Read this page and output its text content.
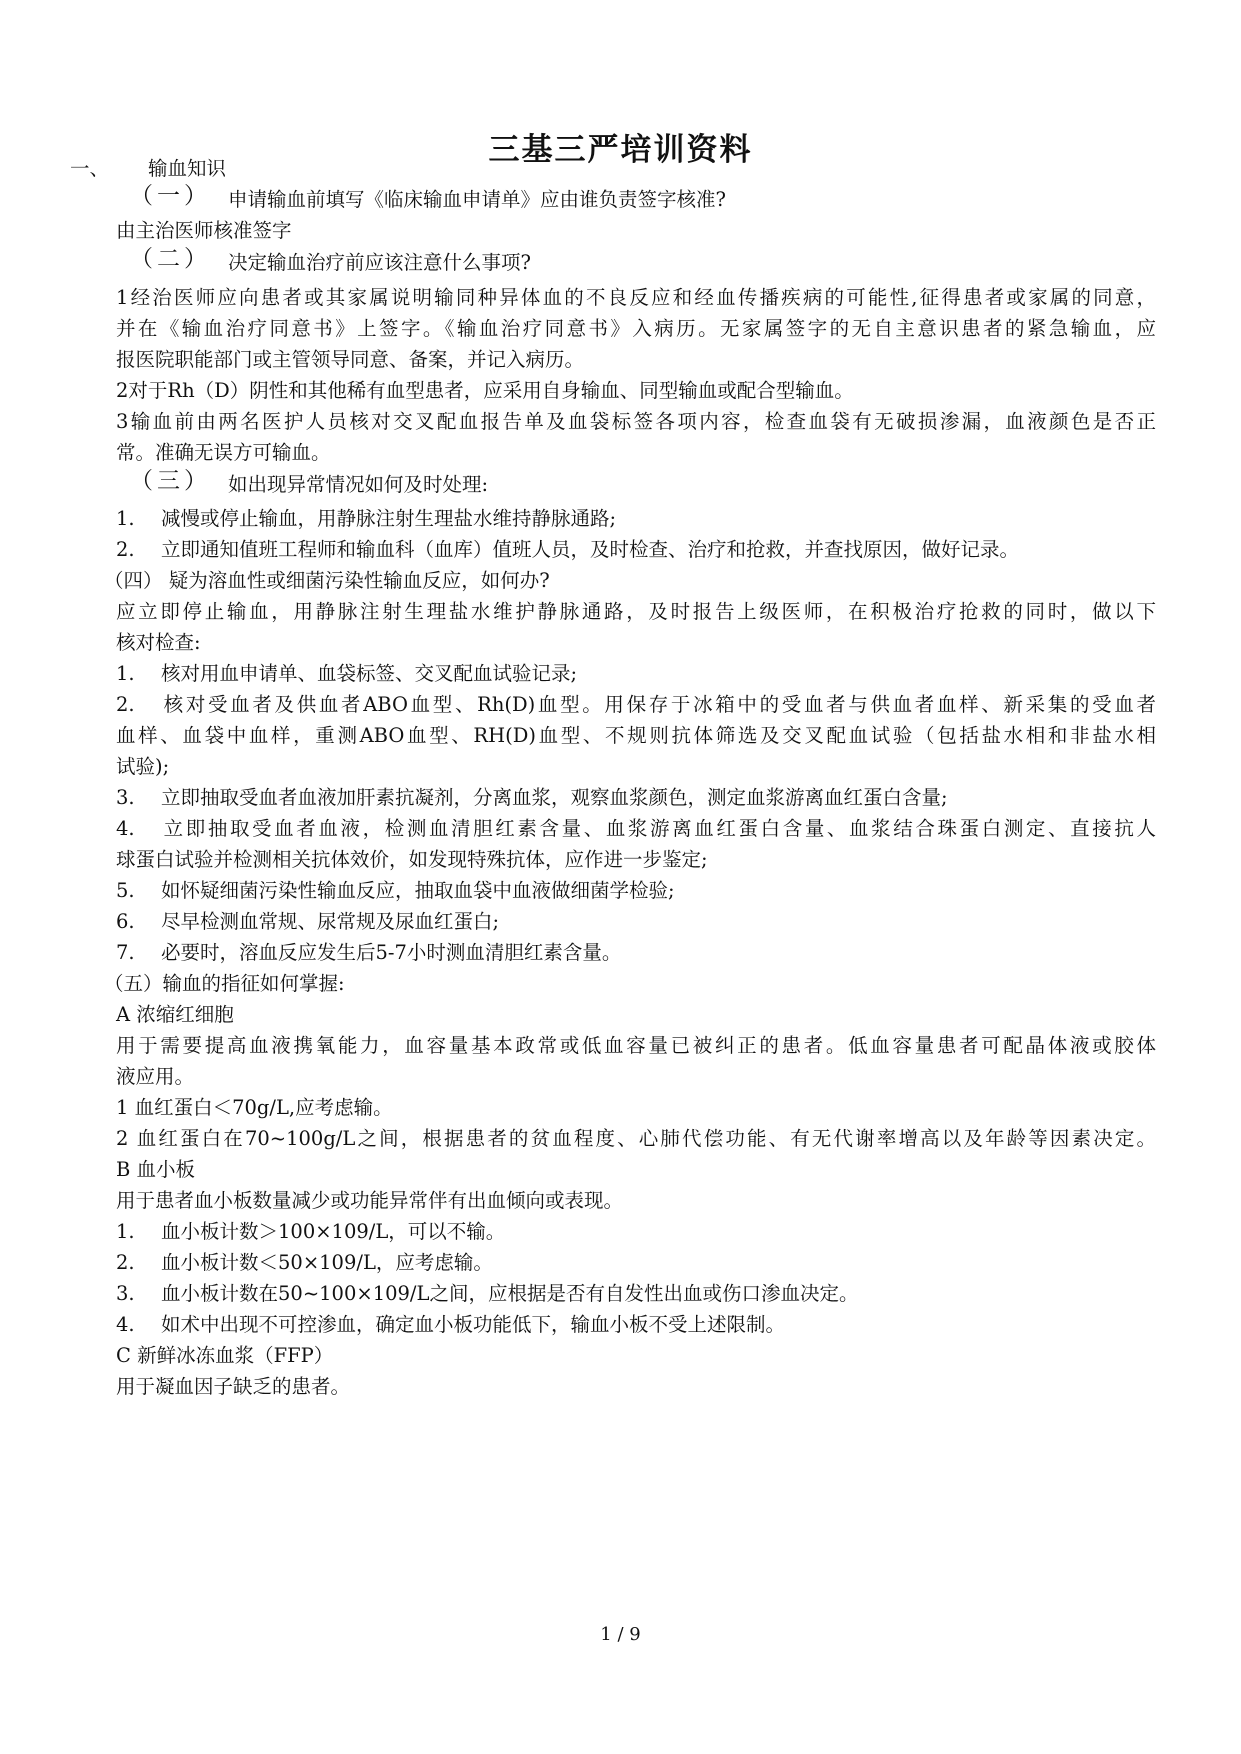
三基三严培训资料
一、 输血知识
（一） 申请输血前填写《临床输血申请单》应由谁负责签字核准?
由主治医师核准签字
（二） 决定输血治疗前应该注意什么事项?
1经治医师应向患者或其家属说明输同种异体血的不良反应和经血传播疾病的可能性,征得患者或家属的同意，
并在《输血治疗同意书》上签字。《输血治疗同意书》入病历。无家属签字的无自主意识患者的紧急输血，应
报医院职能部门或主管领导同意、备案，并记入病历。
2对于Rh（D）阴性和其他稀有血型患者，应采用自身输血、同型输血或配合型输血。
3输血前由两名医护人员核对交叉配血报告单及血袋标签各项内容，检查血袋有无破损渗漏，血液颜色是否正
常。准确无误方可输血。
（三） 如出现异常情况如何及时处理:
1. 减慢或停止输血，用静脉注射生理盐水维持静脉通路;
2. 立即通知值班工程师和输血科（血库）值班人员，及时检查、治疗和抢救，并查找原因，做好记录。
（四） 疑为溶血性或细菌污染性输血反应，如何办?
应立即停止输血，用静脉注射生理盐水维护静脉通路，及时报告上级医师，在积极治疗抢救的同时，做以下
核对检查:
1. 核对用血申请单、血袋标签、交叉配血试验记录;
2. 核对受血者及供血者ABO血型、Rh(D)血型。用保存于冰箱中的受血者与供血者血样、新采集的受血者
血样、血袋中血样，重测ABO血型、RH(D)血型、不规则抗体筛选及交叉配血试验（包括盐水相和非盐水相
试验);
3. 立即抽取受血者血液加肝素抗凝剂，分离血浆，观察血浆颜色，测定血浆游离血红蛋白含量;
4. 立即抽取受血者血液，检测血清胆红素含量、血浆游离血红蛋白含量、血浆结合珠蛋白测定、直接抗人
球蛋白试验并检测相关抗体效价，如发现特殊抗体，应作进一步鉴定;
5. 如怀疑细菌污染性输血反应，抽取血袋中血液做细菌学检验;
6. 尽早检测血常规、尿常规及尿血红蛋白;
7. 必要时，溶血反应发生后5-7小时测血清胆红素含量。
（五）输血的指征如何掌握:
A 浓缩红细胞
用于需要提高血液携氧能力，血容量基本政常或低血容量已被纠正的患者。低血容量患者可配晶体液或胶体
液应用。
1 血红蛋白＜70g/L,应考虑输。
2 血红蛋白在70~100g/L之间，根据患者的贫血程度、心肺代偿功能、有无代谢率增高以及年龄等因素决定。
B 血小板
用于患者血小板数量减少或功能异常伴有出血倾向或表现。
1. 血小板计数＞100×109/L，可以不输。
2. 血小板计数＜50×109/L，应考虑输。
3. 血小板计数在50~100×109/L之间，应根据是否有自发性出血或伤口渗血决定。
4. 如术中出现不可控渗血，确定血小板功能低下，输血小板不受上述限制。
C 新鲜冰冻血浆（FFP）
用于凝血因子缺乏的患者。
1 / 9
